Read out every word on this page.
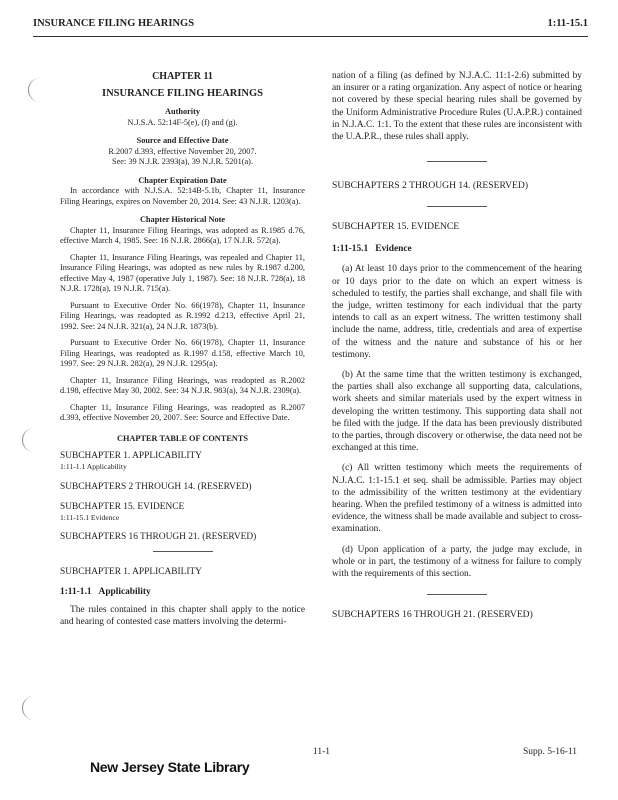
INSURANCE FILING HEARINGS	1:11-15.1
CHAPTER 11
INSURANCE FILING HEARINGS
Authority
N.J.S.A. 52:14F-5(e), (f) and (g).
Source and Effective Date
R.2007 d.393, effective November 20, 2007.
See: 39 N.J.R. 2393(a), 39 N.J.R. 5201(a).
Chapter Expiration Date

In accordance with N.J.S.A. 52:14B-5.1b, Chapter 11, Insurance Filing Hearings, expires on November 20, 2014. See: 43 N.J.R. 1203(a).

Chapter Historical Note

Chapter 11, Insurance Filing Hearings, was adopted as R.1985 d.76, effective March 4, 1985. See: 16 N.J.R. 2866(a), 17 N.J.R. 572(a).

Chapter 11, Insurance Filing Hearings, was repealed and Chapter 11, Insurance Filing Hearings, was adopted as new rules by R.1987 d.200, effective May 4, 1987 (operative July 1, 1987). See: 18 N.J.R. 728(a), 18 N.J.R. 1728(a), 19 N.J.R. 715(a).

Pursuant to Executive Order No. 66(1978), Chapter 11, Insurance Filing Hearings, was readopted as R.1992 d.213, effective April 21, 1992. See: 24 N.J.R. 321(a), 24 N.J.R. 1873(b).

Pursuant to Executive Order No. 66(1978), Chapter 11, Insurance Filing Hearings, was readopted as R.1997 d.158, effective March 10, 1997. See: 29 N.J.R. 282(a), 29 N.J.R. 1295(a).

Chapter 11, Insurance Filing Hearings, was readopted as R.2002 d.198, effective May 30, 2002. See: 34 N.J.R. 983(a), 34 N.J.R. 2309(a).

Chapter 11, Insurance Filing Hearings, was readopted as R.2007 d.393, effective November 20, 2007. See: Source and Effective Date.

CHAPTER TABLE OF CONTENTS
SUBCHAPTER 1. APPLICABILITY
1:11-1.1 Applicability
SUBCHAPTERS 2 THROUGH 14. (RESERVED)
SUBCHAPTER 15. EVIDENCE
1:11-15.1 Evidence
SUBCHAPTERS 16 THROUGH 21. (RESERVED)
SUBCHAPTER 1. APPLICABILITY
1:11-1.1 Applicability

The rules contained in this chapter shall apply to the notice and hearing of contested case matters involving the determi-

nation of a filing (as defined by N.J.A.C. 11:1-2.6) submitted by an insurer or a rating organization. Any aspect of notice or hearing not covered by these special hearing rules shall be governed by the Uniform Administrative Procedure Rules (U.A.P.R.) contained in N.J.A.C. 1:1. To the extent that these rules are inconsistent with the U.A.P.R., these rules shall apply.

SUBCHAPTERS 2 THROUGH 14. (RESERVED)
SUBCHAPTER 15. EVIDENCE
1:11-15.1 Evidence

(a) At least 10 days prior to the commencement of the hearing or 10 days prior to the date on which an expert witness is scheduled to testify, the parties shall exchange, and shall file with the judge, written testimony for each individual that the party intends to call as an expert witness. The written testimony shall include the name, address, title, credentials and area of expertise of the witness and the nature and substance of his or her testimony.

(b) At the same time that the written testimony is exchanged, the parties shall also exchange all supporting data, calculations, work sheets and similar materials used by the expert witness in developing the written testimony. This supporting data shall not be filed with the judge. If the data has been previously distributed to the parties, through discovery or otherwise, the data need not be exchanged at this time.

(c) All written testimony which meets the requirements of N.J.A.C. 1:1-15.1 et seq. shall be admissible. Parties may object to the admissibility of the written testimony at the evidentiary hearing. When the prefiled testimony of a witness is admitted into evidence, the witness shall be made available and subject to cross-examination.

(d) Upon application of a party, the judge may exclude, in whole or in part, the testimony of a witness for failure to comply with the requirements of this section.

SUBCHAPTERS 16 THROUGH 21. (RESERVED)
11-1	Supp. 5-16-11
New Jersey State Library
